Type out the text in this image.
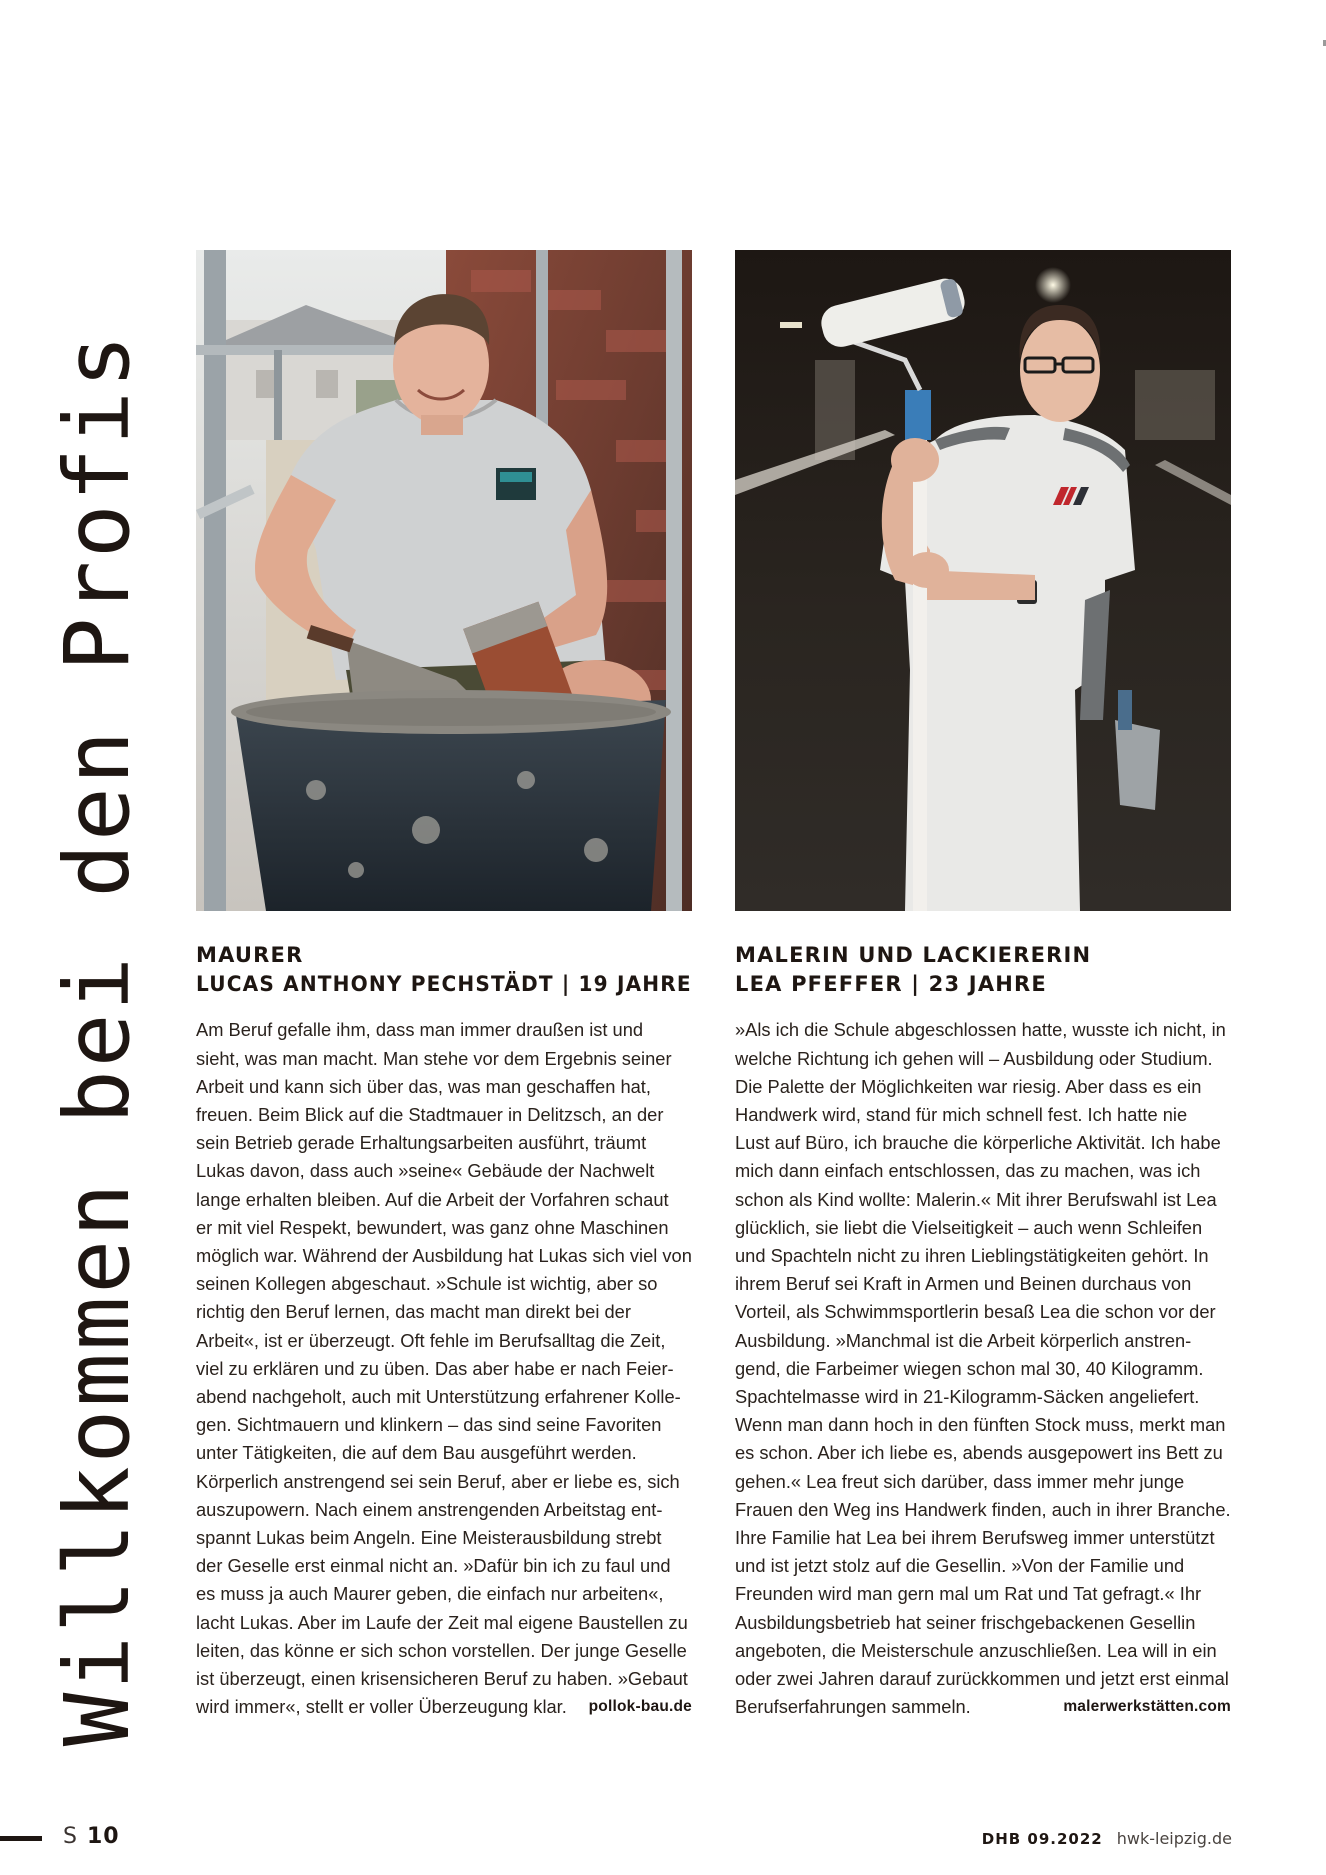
Willkommen bei den Profis MAURER
LUCAS ANTHONY PECHSTÄDT | 19 JAHRE
Am Beruf gefalle ihm, dass man immer draußen ist und
sieht, was man macht. Man stehe vor dem Ergebnis seiner
Arbeit und kann sich über das, was man geschaffen hat,
freuen. Beim Blick auf die Stadtmauer in Delitzsch, an der
sein Betrieb gerade Erhaltungsarbeiten ausführt, träumt
Lukas davon, dass auch »seine« Gebäude der Nachwelt
lange erhalten bleiben. Auf die Arbeit der Vorfahren schaut
er mit viel Respekt, bewundert, was ganz ohne Maschinen
möglich war. Während der Ausbildung hat Lukas sich viel von
seinen Kollegen abgeschaut. »Schule ist wichtig, aber so
richtig den Beruf lernen, das macht man direkt bei der
Arbeit«, ist er überzeugt. Oft fehle im Berufsalltag die Zeit,
viel zu erklären und zu üben. Das aber habe er nach Feier-
abend nachgeholt, auch mit Unterstützung erfahrener Kolle-
gen. Sichtmauern und klinkern – das sind seine Favoriten
unter Tätigkeiten, die auf dem Bau ausgeführt werden.
Körperlich anstrengend sei sein Beruf, aber er liebe es, sich
auszupowern. Nach einem anstrengenden Arbeitstag ent-
spannt Lukas beim Angeln. Eine Meisterausbildung strebt
der Geselle erst einmal nicht an. »Dafür bin ich zu faul und
es muss ja auch Maurer geben, die einfach nur arbeiten«,
lacht Lukas. Aber im Laufe der Zeit mal eigene Baustellen zu
leiten, das könne er sich schon vorstellen. Der junge Geselle
ist überzeugt, einen krisensicheren Beruf zu haben. »Gebaut
wird immer«, stellt er voller Überzeugung klar. pollok-bau.de
MALERIN UND LACKIERERIN
LEA PFEFFER | 23 JAHRE
»Als ich die Schule abgeschlossen hatte, wusste ich nicht, in
welche Richtung ich gehen will – Ausbildung oder Studium.
Die Palette der Möglichkeiten war riesig. Aber dass es ein
Handwerk wird, stand für mich schnell fest. Ich hatte nie
Lust auf Büro, ich brauche die körperliche Aktivität. Ich habe
mich dann einfach entschlossen, das zu machen, was ich
schon als Kind wollte: Malerin.« Mit ihrer Berufswahl ist Lea
glücklich, sie liebt die Vielseitigkeit – auch wenn Schleifen
und Spachteln nicht zu ihren Lieblingstätigkeiten gehört. In
ihrem Beruf sei Kraft in Armen und Beinen durchaus von
Vorteil, als Schwimmsportlerin besaß Lea die schon vor der
Ausbildung. »Manchmal ist die Arbeit körperlich anstren-
gend, die Farbeimer wiegen schon mal 30, 40 Kilogramm.
Spachtelmasse wird in 21-Kilogramm-Säcken angeliefert.
Wenn man dann hoch in den fünften Stock muss, merkt man
es schon. Aber ich liebe es, abends ausgepowert ins Bett zu
gehen.« Lea freut sich darüber, dass immer mehr junge
Frauen den Weg ins Handwerk finden, auch in ihrer Branche.
Ihre Familie hat Lea bei ihrem Berufsweg immer unterstützt
und ist jetzt stolz auf die Gesellin. »Von der Familie und
Freunden wird man gern mal um Rat und Tat gefragt.« Ihr
Ausbildungsbetrieb hat seiner frischgebackenen Gesellin
angeboten, die Meisterschule anzuschließen. Lea will in ein
oder zwei Jahren darauf zurückkommen und jetzt erst einmal
Berufserfahrungen sammeln.	malerwerkstätten.com
S 10	DHB 09.2022 hwk-leipzig.de
